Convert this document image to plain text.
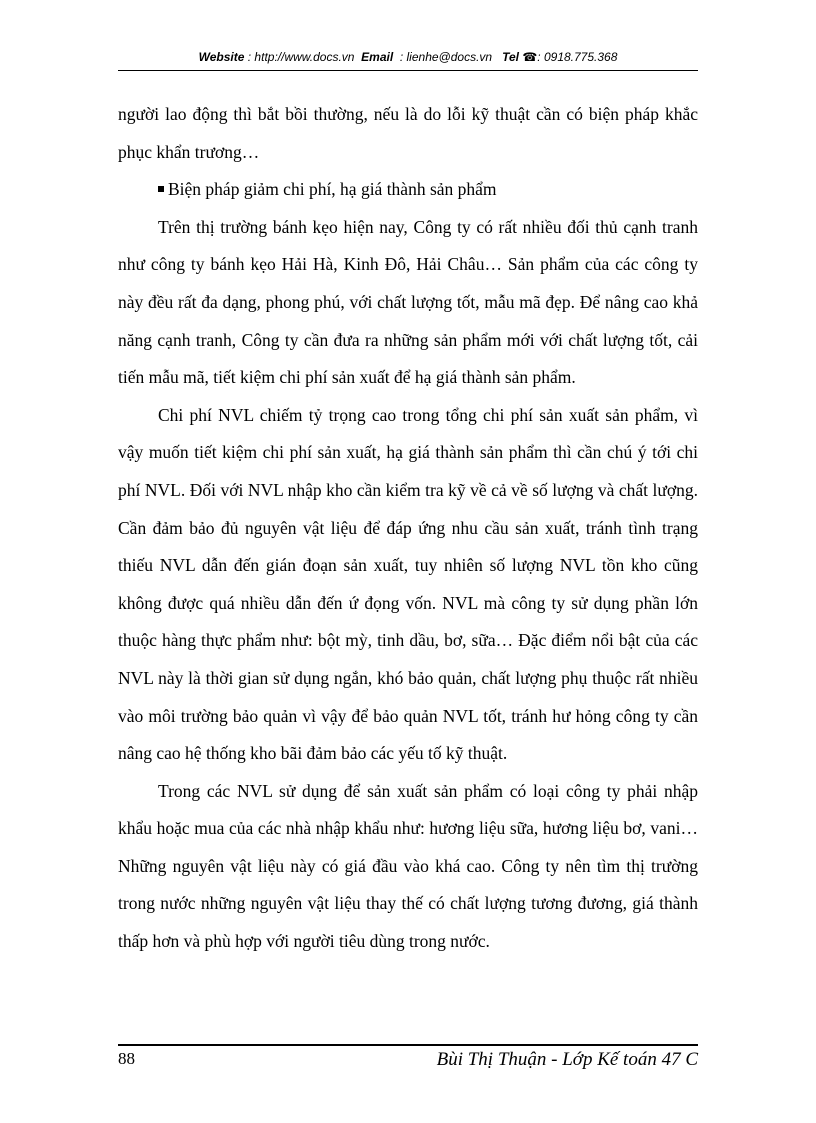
Website : http://www.docs.vn Email : lienhe@docs.vn Tel ☎: 0918.775.368

người lao động thì bắt bồi thường, nếu là do lỗi kỹ thuật cần có biện pháp khắc phục khẩn trương…

Biện pháp giảm chi phí, hạ giá thành sản phẩm

Trên thị trường bánh kẹo hiện nay, Công ty có rất nhiều đối thủ cạnh tranh như công ty bánh kẹo Hải Hà, Kinh Đô, Hải Châu… Sản phẩm của các công ty này đều rất đa dạng, phong phú, với chất lượng tốt, mẫu mã đẹp. Để nâng cao khả năng cạnh tranh, Công ty cần đưa ra những sản phẩm mới với chất lượng tốt, cải tiến mẫu mã, tiết kiệm chi phí sản xuất để hạ giá thành sản phẩm.

Chi phí NVL chiếm tỷ trọng cao trong tổng chi phí sản xuất sản phẩm, vì vậy muốn tiết kiệm chi phí sản xuất, hạ giá thành sản phẩm thì cần chú ý tới chi phí NVL. Đối với NVL nhập kho cần kiểm tra kỹ về cả về số lượng và chất lượng. Cần đảm bảo đủ nguyên vật liệu để đáp ứng nhu cầu sản xuất, tránh tình trạng thiếu NVL dẫn đến gián đoạn sản xuất, tuy nhiên số lượng NVL tồn kho cũng không được quá nhiều dẫn đến ứ đọng vốn. NVL mà công ty sử dụng phần lớn thuộc hàng thực phẩm như: bột mỳ, tinh dầu, bơ, sữa… Đặc điểm nổi bật của các NVL này là thời gian sử dụng ngắn, khó bảo quản, chất lượng phụ thuộc rất nhiều vào môi trường bảo quản vì vậy để bảo quản NVL tốt, tránh hư hỏng công ty cần nâng cao hệ thống kho bãi đảm bảo các yếu tố kỹ thuật.

Trong các NVL sử dụng để sản xuất sản phẩm có loại công ty phải nhập khẩu hoặc mua của các nhà nhập khẩu như: hương liệu sữa, hương liệu bơ, vani… Những nguyên vật liệu này có giá đầu vào khá cao. Công ty nên tìm thị trường trong nước những nguyên vật liệu thay thế có chất lượng tương đương, giá thành thấp hơn và phù hợp với người tiêu dùng trong nước.

88	Bùi Thị Thuận - Lớp Kế toán 47 C
